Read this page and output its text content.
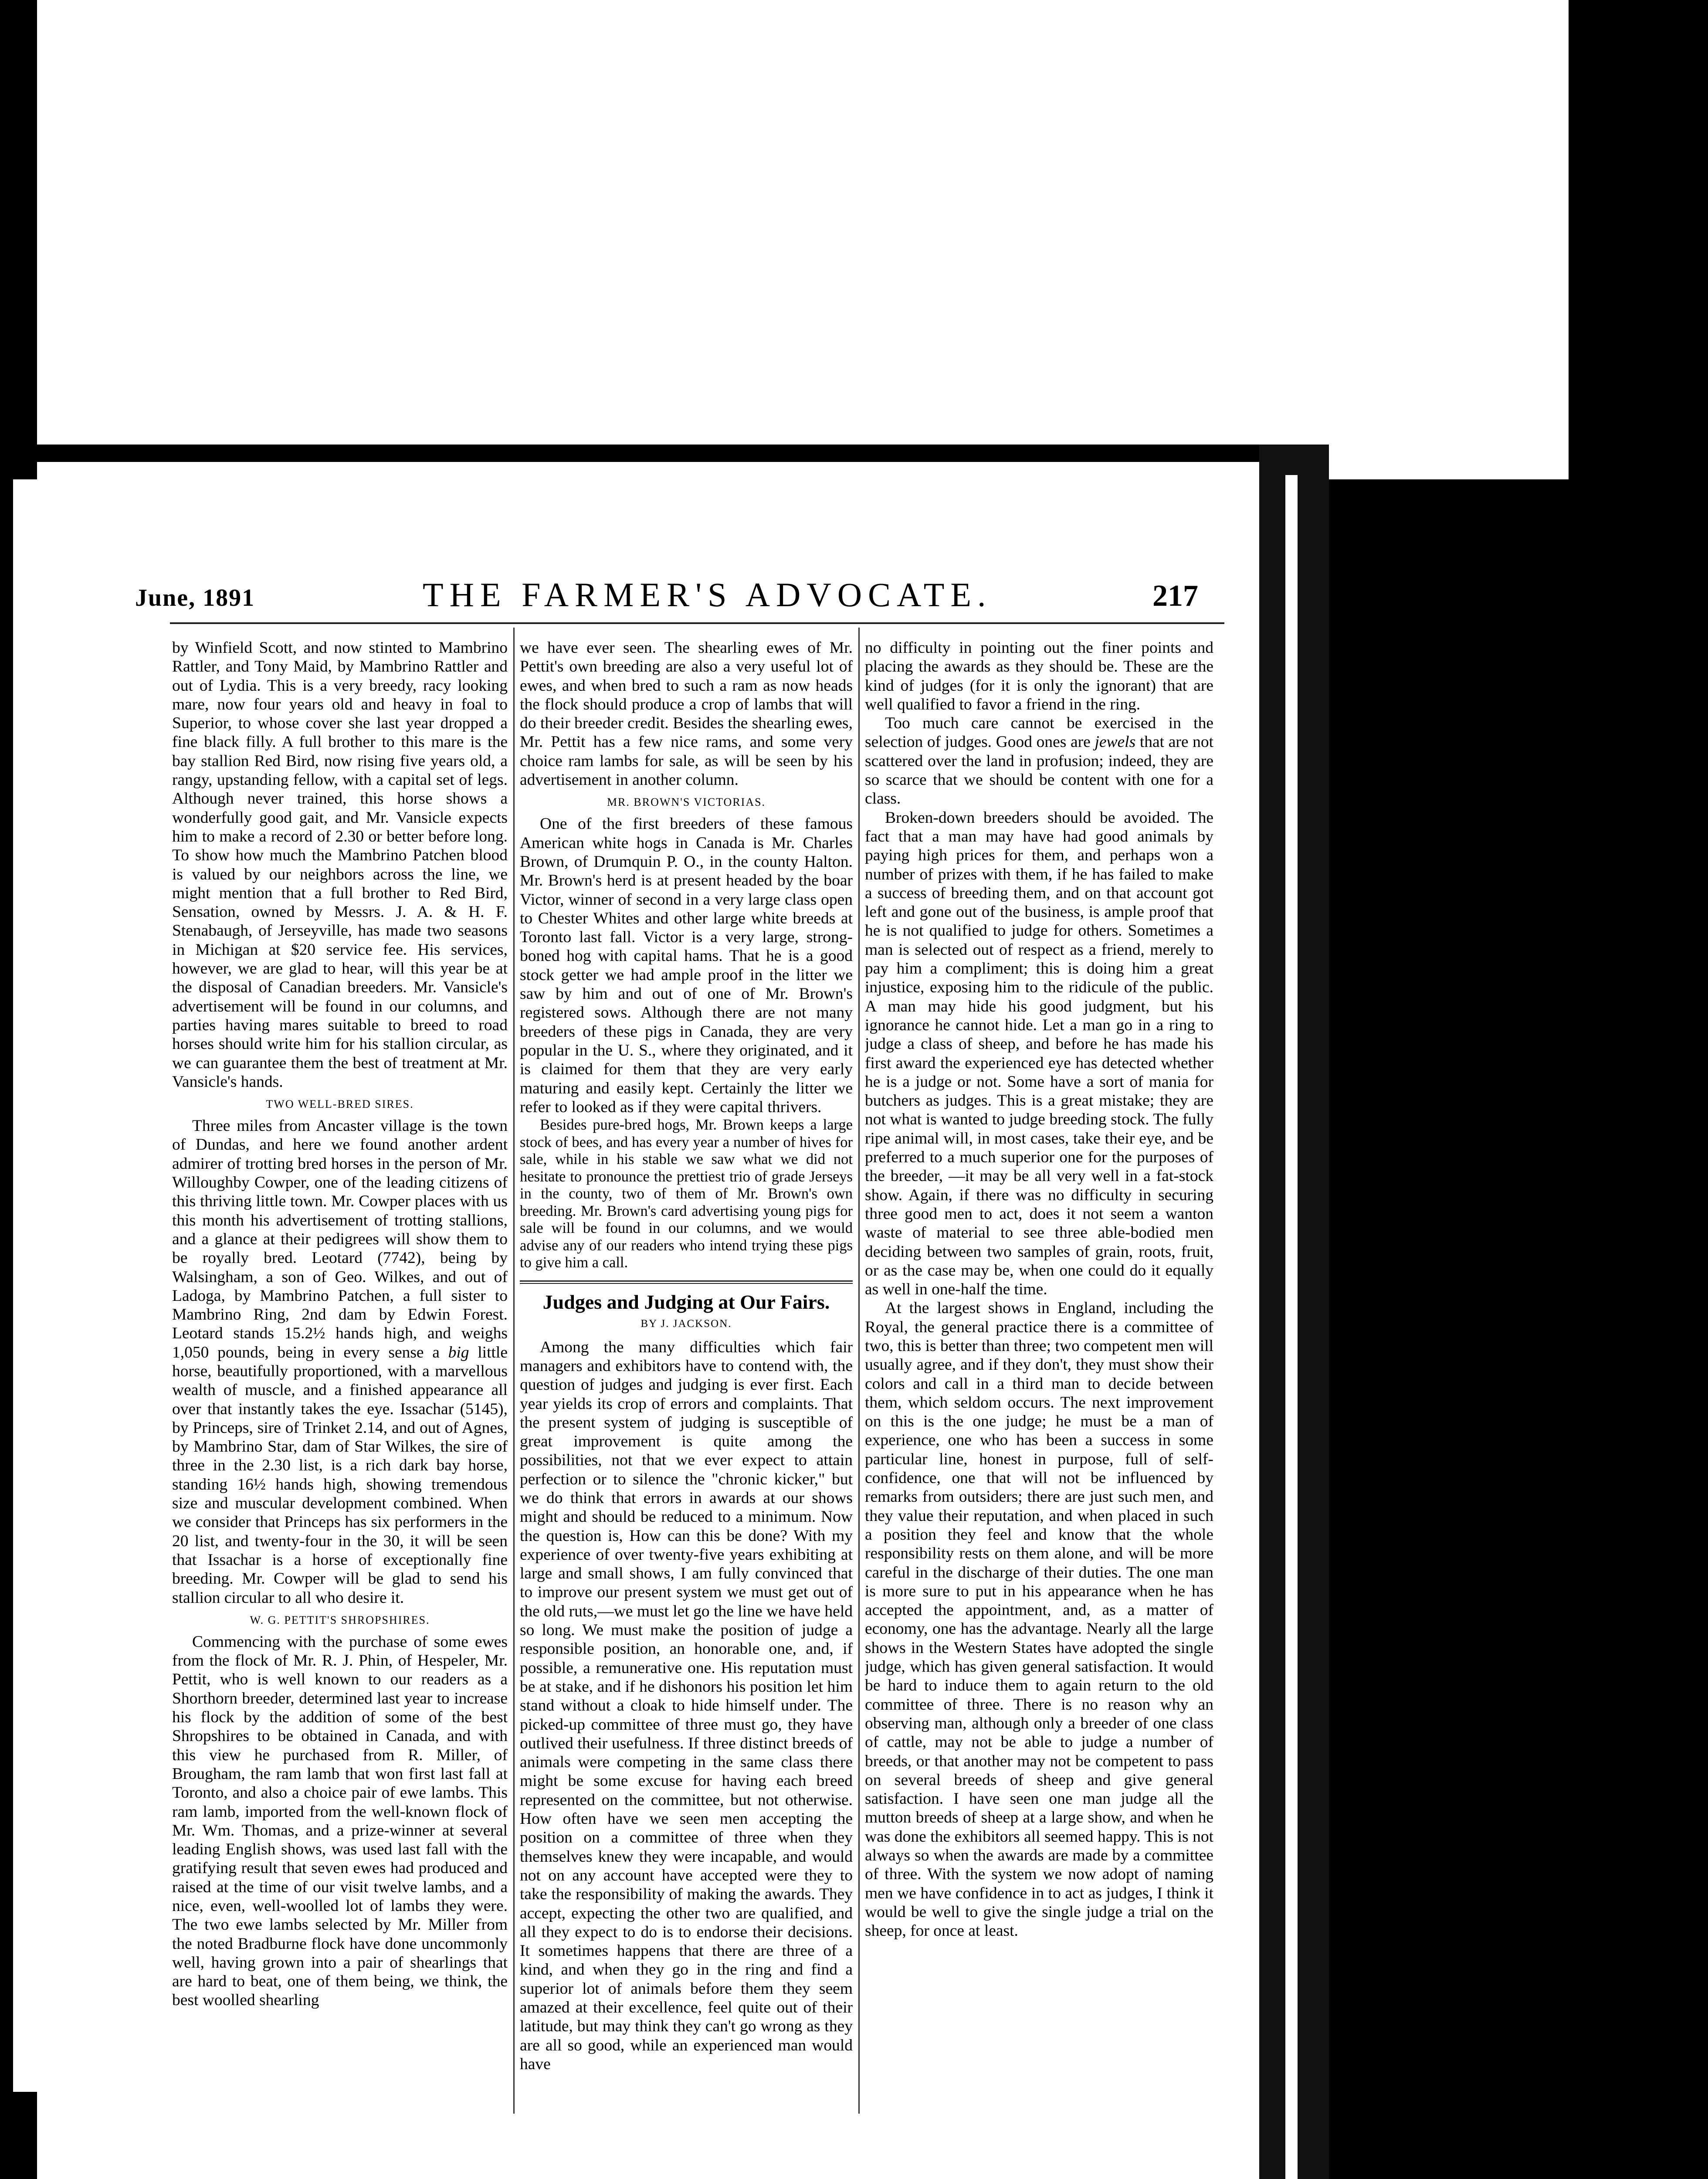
June, 1891	THE FARMER'S ADVOCATE.	217

by Winfield Scott, and now stinted to Mambrino Rattler, and Tony Maid, by Mambrino Rattler and out of Lydia. This is a very breedy, racy looking mare, now four years old and heavy in foal to Superior, to whose cover she last year dropped a fine black filly. A full brother to this mare is the bay stallion Red Bird, now rising five years old, a rangy, upstanding fellow, with a capital set of legs. Although never trained, this horse shows a wonderfully good gait, and Mr. Vansicle expects him to make a record of 2.30 or better before long. To show how much the Mambrino Patchen blood is valued by our neighbors across the line, we might mention that a full brother to Red Bird, Sensation, owned by Messrs. J. A. & H. F. Stenabaugh, of Jerseyville, has made two seasons in Michigan at $20 service fee. His services, however, we are glad to hear, will this year be at the disposal of Canadian breeders. Mr. Vansicle's advertisement will be found in our columns, and parties having mares suitable to breed to road horses should write him for his stallion circular, as we can guarantee them the best of treatment at Mr. Vansicle's hands.

TWO WELL-BRED SIRES.

Three miles from Ancaster village is the town of Dundas, and here we found another ardent admirer of trotting bred horses in the person of Mr. Willoughby Cowper, one of the leading citizens of this thriving little town. Mr. Cowper places with us this month his advertisement of trotting stallions, and a glance at their pedigrees will show them to be royally bred. Leotard (7742), being by Walsingham, a son of Geo. Wilkes, and out of Ladoga, by Mambrino Patchen, a full sister to Mambrino Ring, 2nd dam by Edwin Forest. Leotard stands 15.2½ hands high, and weighs 1,050 pounds, being in every sense a big little horse, beautifully proportioned, with a marvellous wealth of muscle, and a finished appearance all over that instantly takes the eye. Issachar (5145), by Princeps, sire of Trinket 2.14, and out of Agnes, by Mambrino Star, dam of Star Wilkes, the sire of three in the 2.30 list, is a rich dark bay horse, standing 16½ hands high, showing tremendous size and muscular development combined. When we consider that Princeps has six performers in the 20 list, and twenty-four in the 30, it will be seen that Issachar is a horse of exceptionally fine breeding. Mr. Cowper will be glad to send his stallion circular to all who desire it.

W. G. PETTIT'S SHROPSHIRES.

Commencing with the purchase of some ewes from the flock of Mr. R. J. Phin, of Hespeler, Mr. Pettit, who is well known to our readers as a Shorthorn breeder, determined last year to increase his flock by the addition of some of the best Shropshires to be obtained in Canada, and with this view he purchased from R. Miller, of Brougham, the ram lamb that won first last fall at Toronto, and also a choice pair of ewe lambs. This ram lamb, imported from the well-known flock of Mr. Wm. Thomas, and a prize-winner at several leading English shows, was used last fall with the gratifying result that seven ewes had produced and raised at the time of our visit twelve lambs, and a nice, even, well-woolled lot of lambs they were. The two ewe lambs selected by Mr. Miller from the noted Bradburne flock have done uncommonly well, having grown into a pair of shearlings that are hard to beat, one of them being, we think, the best woolled shearling

we have ever seen. The shearling ewes of Mr. Pettit's own breeding are also a very useful lot of ewes, and when bred to such a ram as now heads the flock should produce a crop of lambs that will do their breeder credit. Besides the shearling ewes, Mr. Pettit has a few nice rams, and some very choice ram lambs for sale, as will be seen by his advertisement in another column.

MR. BROWN'S VICTORIAS.

One of the first breeders of these famous American white hogs in Canada is Mr. Charles Brown, of Drumquin P. O., in the county Halton. Mr. Brown's herd is at present headed by the boar Victor, winner of second in a very large class open to Chester Whites and other large white breeds at Toronto last fall. Victor is a very large, strong-boned hog with capital hams. That he is a good stock getter we had ample proof in the litter we saw by him and out of one of Mr. Brown's registered sows. Although there are not many breeders of these pigs in Canada, they are very popular in the U. S., where they originated, and it is claimed for them that they are very early maturing and easily kept. Certainly the litter we refer to looked as if they were capital thrivers.

Besides pure-bred hogs, Mr. Brown keeps a large stock of bees, and has every year a number of hives for sale, while in his stable we saw what we did not hesitate to pronounce the prettiest trio of grade Jerseys in the county, two of them of Mr. Brown's own breeding. Mr. Brown's card advertising young pigs for sale will be found in our columns, and we would advise any of our readers who intend trying these pigs to give him a call.

Judges and Judging at Our Fairs.
BY J. JACKSON.

Among the many difficulties which fair managers and exhibitors have to contend with, the question of judges and judging is ever first. Each year yields its crop of errors and complaints. That the present system of judging is susceptible of great improvement is quite among the possibilities, not that we ever expect to attain perfection or to silence the "chronic kicker," but we do think that errors in awards at our shows might and should be reduced to a minimum. Now the question is, How can this be done? With my experience of over twenty-five years exhibiting at large and small shows, I am fully convinced that to improve our present system we must get out of the old ruts,—we must let go the line we have held so long. We must make the position of judge a responsible position, an honorable one, and, if possible, a remunerative one. His reputation must be at stake, and if he dishonors his position let him stand without a cloak to hide himself under. The picked-up committee of three must go, they have outlived their usefulness. If three distinct breeds of animals were competing in the same class there might be some excuse for having each breed represented on the committee, but not otherwise. How often have we seen men accepting the position on a committee of three when they themselves knew they were incapable, and would not on any account have accepted were they to take the responsibility of making the awards. They accept, expecting the other two are qualified, and all they expect to do is to endorse their decisions. It sometimes happens that there are three of a kind, and when they go in the ring and find a superior lot of animals before them they seem amazed at their excellence, feel quite out of their latitude, but may think they can't go wrong as they are all so good, while an experienced man would have

no difficulty in pointing out the finer points and placing the awards as they should be. These are the kind of judges (for it is only the ignorant) that are well qualified to favor a friend in the ring.

Too much care cannot be exercised in the selection of judges. Good ones are jewels that are not scattered over the land in profusion; indeed, they are so scarce that we should be content with one for a class.

Broken-down breeders should be avoided. The fact that a man may have had good animals by paying high prices for them, and perhaps won a number of prizes with them, if he has failed to make a success of breeding them, and on that account got left and gone out of the business, is ample proof that he is not qualified to judge for others. Sometimes a man is selected out of respect as a friend, merely to pay him a compliment; this is doing him a great injustice, exposing him to the ridicule of the public. A man may hide his good judgment, but his ignorance he cannot hide. Let a man go in a ring to judge a class of sheep, and before he has made his first award the experienced eye has detected whether he is a judge or not. Some have a sort of mania for butchers as judges. This is a great mistake; they are not what is wanted to judge breeding stock. The fully ripe animal will, in most cases, take their eye, and be preferred to a much superior one for the purposes of the breeder, —it may be all very well in a fat-stock show. Again, if there was no difficulty in securing three good men to act, does it not seem a wanton waste of material to see three able-bodied men deciding between two samples of grain, roots, fruit, or as the case may be, when one could do it equally as well in one-half the time.

At the largest shows in England, including the Royal, the general practice there is a committee of two, this is better than three; two competent men will usually agree, and if they don't, they must show their colors and call in a third man to decide between them, which seldom occurs. The next improvement on this is the one judge; he must be a man of experience, one who has been a success in some particular line, honest in purpose, full of self-confidence, one that will not be influenced by remarks from outsiders; there are just such men, and they value their reputation, and when placed in such a position they feel and know that the whole responsibility rests on them alone, and will be more careful in the discharge of their duties. The one man is more sure to put in his appearance when he has accepted the appointment, and, as a matter of economy, one has the advantage. Nearly all the large shows in the Western States have adopted the single judge, which has given general satisfaction. It would be hard to induce them to again return to the old committee of three. There is no reason why an observing man, although only a breeder of one class of cattle, may not be able to judge a number of breeds, or that another may not be competent to pass on several breeds of sheep and give general satisfaction. I have seen one man judge all the mutton breeds of sheep at a large show, and when he was done the exhibitors all seemed happy. This is not always so when the awards are made by a committee of three. With the system we now adopt of naming men we have confidence in to act as judges, I think it would be well to give the single judge a trial on the sheep, for once at least.
